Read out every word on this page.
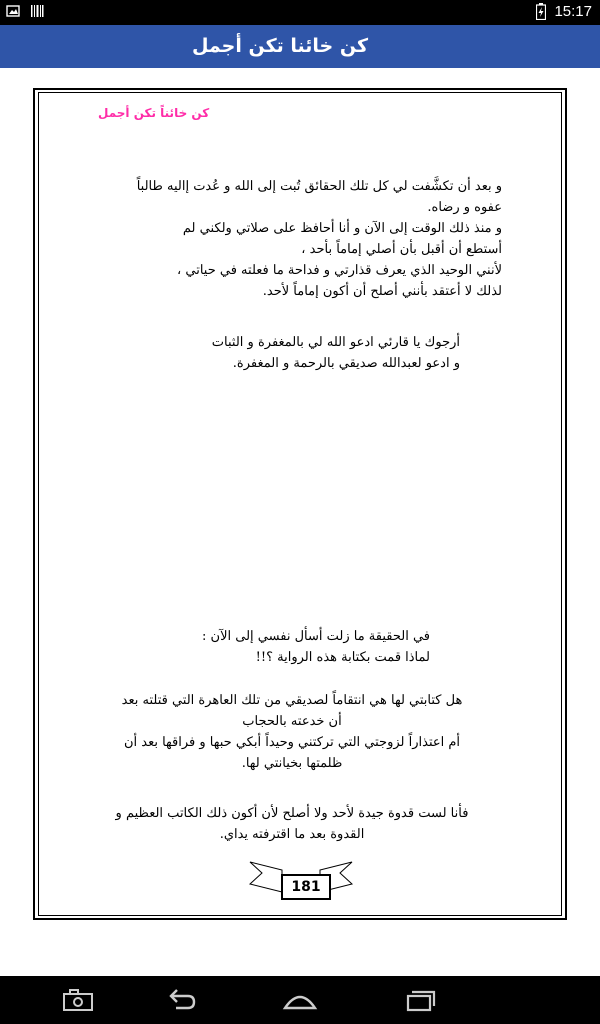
15:17
كن خائنا تكن أجمل
كن خائناً تكن أجمل
و بعد أن تكشَّفت لي كل تلك الحقائق تُبت إلى الله و عُدت إاليه طالباً
عفوه و رضاه.
و منذ ذلك الوقت إلى الآن و أنا أحافظ على صلاتي ولكني لم
أستطع أن أقبل بأن أصلي إماماً بأحد ،
لأنني الوحيد الذي يعرف قذارتي و فداحة ما فعلته في حياتي ،
لذلك لا أعتقد بأنني أصلح أن أكون إماماً لأحد.
أرجوك يا قارئي ادعو الله لي بالمغفرة و الثبات
و ادعو لعبدالله صديقي بالرحمة و المغفرة.
في الحقيقة ما زلت أسأل نفسي إلى الآن :
لماذا قمت بكتابة هذه الرواية ؟!!
هل كتابتي لها هي انتقاماً لصديقي من تلك العاهرة التي قتلته بعد
أن خدعته بالحجاب
أم اعتذاراً لزوجتي التي تركتني وحيداً أبكي حبها و فراقها بعد أن
ظلمتها بخيانتي لها.
فأنا لست قدوة جيدة لأحد ولا أصلح لأن أكون ذلك الكاتب العظيم و
القدوة بعد ما اقترفته يداي.
181
